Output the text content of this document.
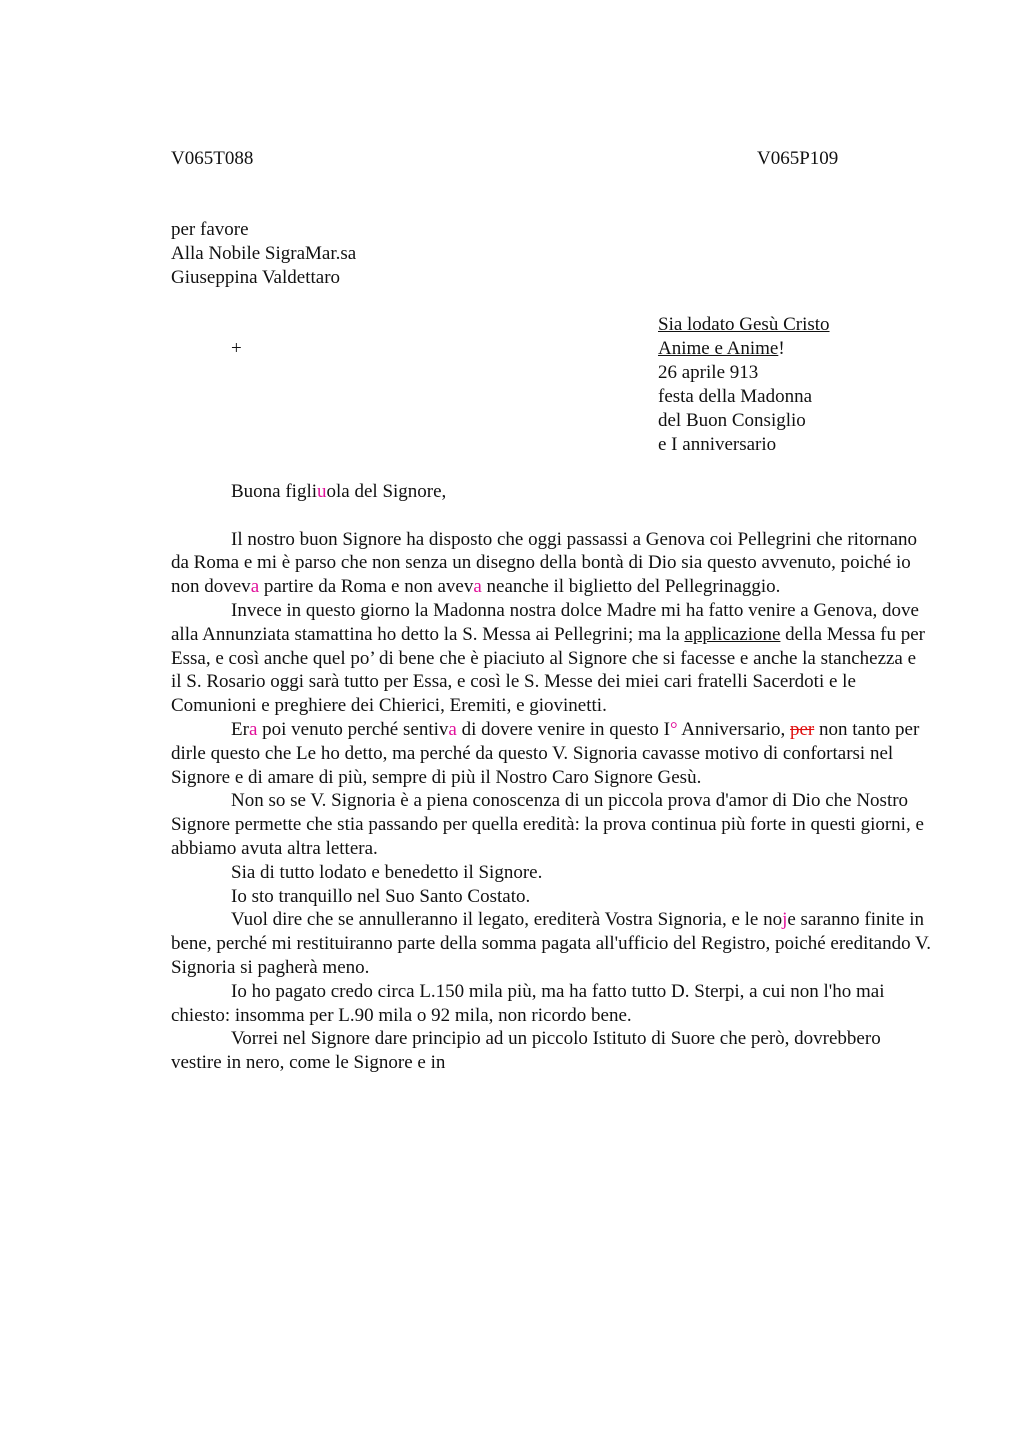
V065T088	V065P109
per favore
Alla Nobile SigraMar.sa
Giuseppina Valdettaro
+
Sia lodato Gesù Cristo
Anime e Anime!
26 aprile 913
festa della Madonna
del Buon Consiglio
e I anniversario

Buona figliuola del Signore,

Il nostro buon Signore ha disposto che oggi passassi a Genova coi Pellegrini che ritornano da Roma e mi è parso che non senza un disegno della bontà di Dio sia questo avvenuto, poiché io non doveva partire da Roma e non aveva neanche il biglietto del Pellegrinaggio.

Invece in questo giorno la Madonna nostra dolce Madre mi ha fatto venire a Genova, dove alla Annunziata stamattina ho detto la S. Messa ai Pellegrini; ma la applicazione della Messa fu per Essa, e così anche quel po’ di bene che è piaciuto al Signore che si facesse e anche la stanchezza e il S. Rosario oggi sarà tutto per Essa, e così le S. Messe dei miei cari fratelli Sacerdoti e le Comunioni e preghiere dei Chierici, Eremiti, e giovinetti.

Era poi venuto perché sentiva di dovere venire in questo I° Anniversario, per non tanto per dirle questo che Le ho detto, ma perché da questo V. Signoria cavasse motivo di confortarsi nel Signore e di amare di più, sempre di più il Nostro Caro Signore Gesù.

Non so se V. Signoria è a piena conoscenza di un piccola prova d'amor di Dio che Nostro Signore permette che stia passando per quella eredità: la prova continua più forte in questi giorni, e abbiamo avuta altra lettera.

Sia di tutto lodato e benedetto il Signore.

Io sto tranquillo nel Suo Santo Costato.

Vuol dire che se annulleranno il legato, erediterà Vostra Signoria, e le noje saranno finite in bene, perché mi restituiranno parte della somma pagata all'ufficio del Registro, poiché ereditando V. Signoria si pagherà meno.

Io ho pagato credo circa L.150 mila più, ma ha fatto tutto D. Sterpi, a cui non l'ho mai chiesto: insomma per L.90 mila o 92 mila, non ricordo bene.

Vorrei nel Signore dare principio ad un piccolo Istituto di Suore che però, dovrebbero vestire in nero, come le Signore e in
